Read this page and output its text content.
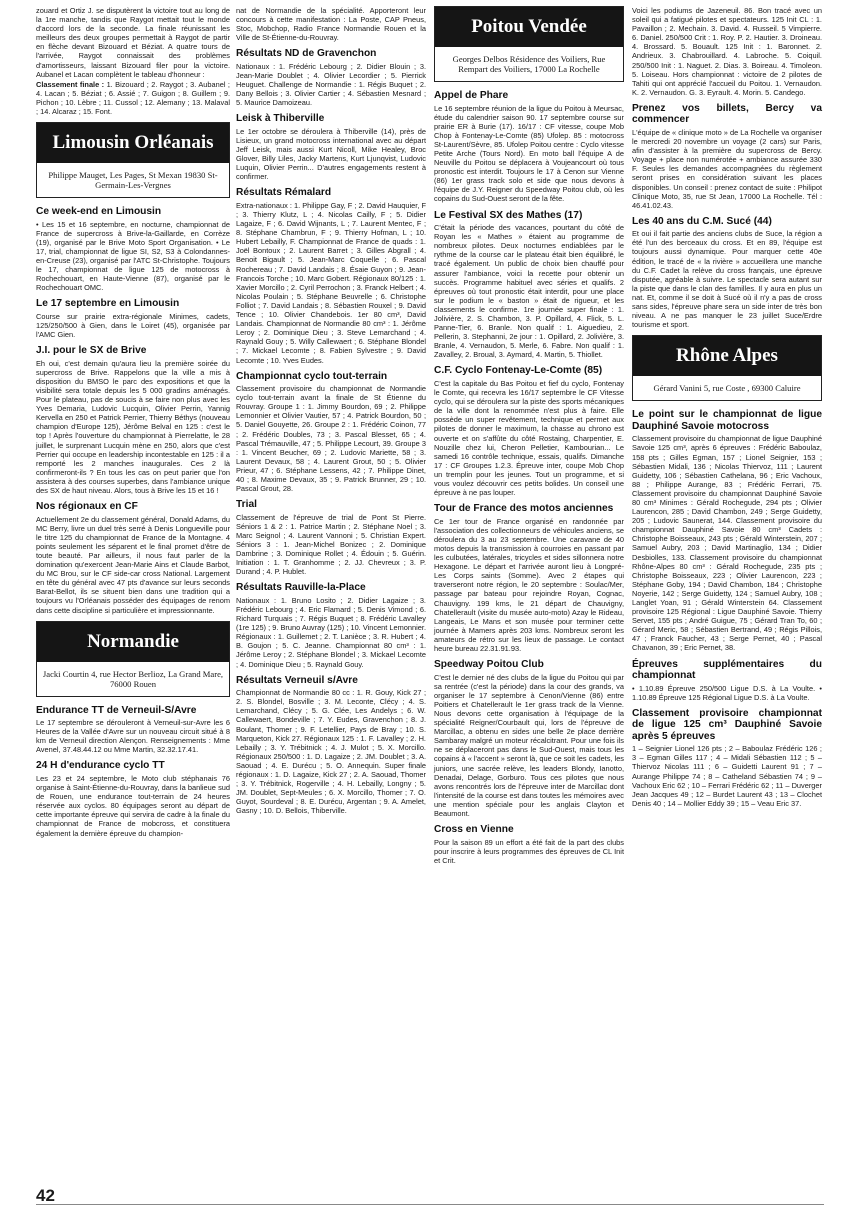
zouard et Ortiz J. se disputèrent la victoire tout au long de la 1re manche, tandis que Raygot mettait tout le monde d'accord lors de la seconde. La finale réunissant les meilleurs des deux groupes permettait à Raygot de partir en flèche devant Bizouard et Béziat. A quatre tours de l'arrivée, Raygot connaissait des problèmes d'amortisseurs, laissant Bizouard filer pour la victoire. Aubanel et Lacan complètent le tableau d'honneur :

Classement finale : 1. Bizouard ; 2. Raygot ; 3. Aubanel ; 4. Lacan ; 5. Béziat ; 6. Assié ; 7. Guigon ; 8. Guillem ; 9. Pichon ; 10. Lèbre ; 11. Cussol ; 12. Alemany ; 13. Malaval ; 14. Alcaraz ; 15. Font.

Limousin Orléanais
Philippe Mauget, Les Pages, St Mexan 19830 St-Germain-Les-Vergnes
Ce week-end en Limousin

• Les 15 et 16 septembre, en nocturne, championnat de France de supercross à Brive-la-Gaillarde, en Corrèze (19), organisé par le Brive Moto Sport Organisation. • Le 17, trial, championnat de ligue SI, S2, S3 à Colondannes-en-Creuse (23), organisé par l'ATC St-Christophe. Toujours le 17, championnat de ligue 125 de motocross à Rochechouart, en Haute-Vienne (87), organisé par le Rochechouart OMC.

Le 17 septembre en Limousin

Course sur prairie extra-régionale Minimes, cadets, 125/250/500 à Gien, dans le Loiret (45), organisée par l'AMC Gien.

J.I. pour le SX de Brive

Eh oui, c'est demain qu'aura lieu la première soirée du supercross de Brive. Rappelons que la ville a mis à disposition du BMSO le parc des expositions et que la visibilité sera totale depuis les 5 000 gradins aménagés. Pour le plateau, pas de soucis à se faire non plus avec les Yves Demaria, Ludovic Lucquin, Olivier Perrin, Yannig Kervella en 250 et Patrick Perrier, Thierry Béthys (nouveau champion d'Europe 125), Jérôme Belval en 125 : c'est le top ! Après l'ouverture du championnat à Pierrelatte, le 28 juillet, le surprenant Lucquin mène en 250, alors que c'est Perrier qui occupe en leadership incontestable en 125 : il a remporté les 2 manches inaugurales. Ces 2 là confirmeront-ils ? En tous les cas on peut parier que l'on assistera à des courses superbes, dans l'ambiance unique des SX de haut niveau. Alors, tous à Brive les 15 et 16 !

Nos régionaux en CF

Actuellement 2e du classement général, Donald Adams, du MC Berry, livre un duel très serré à Denis Longueville pour le titre 125 du championnat de France de la Montagne. 4 points seulement les séparent et le final promet d'être de toute beauté. Par ailleurs, il nous faut parler de la domination qu'exercent Jean-Marie Ains et Claude Barbot, du MC Brou, sur le CF side-car cross National. Largement en tête du général avec 47 pts d'avance sur leurs seconds Barat-Bellot, ils se situent bien dans une tradition qui a toujours vu l'Orléanais posséder des équipages de renom dans cette discipline si particulière et impressionnante.

Normandie
Jacki Courtin 4, rue Hector Berlioz, La Grand Mare, 76000 Rouen
Endurance TT de Verneuil-S/Avre

Le 17 septembre se dérouleront à Verneuil-sur-Avre les 6 Heures de la Vallée d'Avre sur un nouveau circuit situé à 8 km de Verneuil direction Alençon. Renseignements : Mme Avenel, 37.48.44.12 ou Mme Martin, 32.32.17.41.

24 H d'endurance cyclo TT

Les 23 et 24 septembre, le Moto club stéphanais 76 organise à Saint-Étienne-du-Rouvray, dans la banlieue sud de Rouen, une endurance tout-terrain de 24 heures réservée aux cyclos. 80 équipages seront au départ de cette importante épreuve qui servira de cadre à la finale du championnat de France de mobcross, et constituera également la dernière épreuve du champion-

nat de Normandie de la spécialité. Apporteront leur concours à cette manifestation : La Poste, CAP Pneus, Stoc, Mobchop, Radio France Normandie Rouen et la Ville de St-Étienne-du-Rouvray.

Résultats ND de Gravenchon

Nationaux : 1. Frédéric Lebourg ; 2. Didier Blouin ; 3. Jean-Marie Doublet ; 4. Olivier Lecordier ; 5. Pierrick Heuguet. Challenge de Normandie : 1. Régis Buquet ; 2. Dany Bellois ; 3. Olivier Cartier ; 4. Sébastien Mesnard ; 5. Maurice Damoizeau.

Leisk à Thiberville

Le 1er octobre se déroulera à Thiberville (14), près de Lisieux, un grand motocross international avec au départ Jeff Leisk, mais aussi Kurt Nicoll, Mike Healey, Broc Glover, Billy Liles, Jacky Martens, Kurt Ljunqvist, Ludovic Luquin, Olivier Perrin... D'autres engagements restent à confirmer.

Résultats Rémalard

Extra-nationaux : 1. Philippe Gay, F ; 2. David Hauquier, F ; 3. Thierry Klutz, L ; 4. Nicolas Cailly, F ; 5. Didier Lagaize, F ; 6. David Wijnants, L ; 7. Laurent Mentec, F ; 8. Stéphane Chambrun, F ; 9. Thierry Hofman, L ; 10. Hubert Lebailly, F. Championnat de France de quads : 1. Joël Bontoux ; 2. Laurent Barret ; 3. Gilles Abgrall ; 4. Benoit Bigault ; 5. Jean-Marc Coquelle ; 6. Pascal Rochereau ; 7. David Landais ; 8. Ésaie Guyon ; 9. Jean-Francois Torche ; 10. Marc Gobert. Régionaux 80/125 : 1. Xavier Morcillo ; 2. Cyril Perrochon ; 3. Franck Helbert ; 4. Nicolas Poulain ; 5. Stéphane Beuvrelle ; 6. Christophe Folliot ; 7. David Landais ; 8. Sébastien Rouxel ; 9. David Tence ; 10. Olivier Chandebois. 1er 80 cm³, David Landais. Championnat de Normandie 80 cm³ : 1. Jérôme Leroy ; 2. Dominique Dieu ; 3. Steve Lemarchand ; 4. Raynald Gouy ; 5. Willy Callewaert ; 6. Stéphane Blondel ; 7. Mickael Lecomte ; 8. Fabien Sylvestre ; 9. David Lecomte ; 10. Yves Eudes.

Championnat cyclo tout-terrain

Classement provisoire du championnat de Normandie cyclo tout-terrain avant la finale de St Étienne du Rouvray. Groupe 1 : 1. Jimmy Bourdon, 69 ; 2. Philippe Lemonnier et Olivier Vautier, 57 ; 4. Patrick Bourdon, 50 ; 5. Daniel Gouyette, 26. Groupe 2 : 1. Frédéric Coinon, 77 ; 2. Frédéric Doubles, 73 ; 3. Pascal Blesset, 65 ; 4. Pascal Trémauville, 47 ; 5. Philippe Lecourt, 39. Groupe 3 : 1. Vincent Beucher, 69 ; 2. Ludovic Mariette, 58 ; 3. Laurent Devaux, 58 ; 4. Laurent Grout, 50 ; 5. Olivier Prieur, 47 ; 6. Stéphane Lessens, 42 ; 7. Philippe Dinet, 40 ; 8. Maxime Devaux, 35 ; 9. Patrick Brunner, 29 ; 10. Pascal Grout, 28.

Trial

Classement de l'épreuve de trial de Pont St Pierre. Séniors 1 & 2 : 1. Patrice Martin ; 2. Stéphane Noel ; 3. Marc Seignol ; 4. Laurent Vannoni ; 5. Christian Expert. Séniors 3 : 1. Jean-Michel Bonizec ; 2. Dominique Dambrine ; 3. Dominique Rollet ; 4. Édouin ; 5. Guérin. Initiation : 1. T. Granhomme ; 2. JJ. Chevreux ; 3. P. Durand ; 4. P. Hublet.

Résultats Rauville-la-Place

Nationaux : 1. Bruno Losito ; 2. Didier Lagaize ; 3. Frédéric Lebourg ; 4. Eric Flamard ; 5. Denis Vimond ; 6. Richard Turquais ; 7. Régis Buquet ; 8. Frédéric Lavalley (1re 125) ; 9. Bruno Auvray (125) ; 10. Vincent Lemonnier. Régionaux : 1. Guillemet ; 2. T. Lanièce ; 3. R. Hubert ; 4. B. Goujon ; 5. C. Jeanne. Championnat 80 cm³ : 1. Jérôme Leroy ; 2. Stéphane Blondel ; 3. Mickael Lecomte ; 4. Dominique Dieu ; 5. Raynald Gouy.

Résultats Verneuil s/Avre

Championnat de Normandie 80 cc : 1. R. Gouy, Kick 27 ; 2. S. Blondel, Bosville ; 3. M. Leconte, Clécy ; 4. S. Lemarchand, Clécy ; 5. G. Clée, Les Andelys ; 6. W. Callewaert, Bondeville ; 7. Y. Eudes, Gravenchon ; 8. J. Boulant, Thomer ; 9. F. Letellier, Pays de Bray ; 10. S. Marqueton, Kick 27. Régionaux 125 : 1. F. Lavalley ; 2. H. Lebailly ; 3. Y. Trébitnick ; 4. J. Mulot ; 5. X. Morcillo. Régionaux 250/500 : 1. D. Lagaize ; 2. JM. Doublet ; 3. A. Saouad ; 4. E. Durécu ; 5. O. Annequin. Super finale régionaux : 1. D. Lagaize, Kick 27 ; 2. A. Saouad, Thomer ; 3. Y. Trébitnick, Rogerville ; 4. H. Lebailly, Longny ; 5. JM. Doublet, Sept-Meules ; 6. X. Morcillo, Thomer ; 7. O. Guyot, Sourdeval ; 8. E. Durécu, Argentan ; 9. A. Amelet, Gasny ; 10. D. Bellois, Thiberville.

Poitou Vendée
Georges Delbos Résidence des Voiliers, Rue Rempart des Voiliers, 17000 La Rochelle
Appel de Phare

Le 16 septembre réunion de la ligue du Poitou à Meursac, étude du calendrier saison 90. 17 septembre course sur prairie ER à Burie (17). 16/17 : CF vitesse, coupe Mob Chop à Fontenay-Le-Comte (85) Ufolep. 85 : motocross St-Laurent/Sèvre, 85. Ufolep Poitou centre : Cyclo vitesse Petite Arche (Tours Nord). En moto ball l'équipe A de Neuville du Poitou se déplacera à Voujeancourt où tous pronostic est interdit. Toujours le 17 à Cenon sur Vienne (86) 1er grass track solo et side que nous devons à l'équipe de J.Y. Reigner du Speedway Poitou club, où les copains du Sud-Ouest seront de la fête.

Le Festival SX des Mathes (17)

C'était la période des vacances, pourtant du côté de Royan les « Mathes » étaient au programme de nombreux pilotes. Deux nocturnes endiablées par le rythme de la course car le plateau était bien équilibré, le tracé également. Un public de choix bien chauffé pour assurer l'ambiance, voici la recette pour obtenir un succès. Programme habituel avec séries et qualifs. 2 épreuves où tout pronostic était interdit, pour une place sur le podium le « baston » était de rigueur, et les classements le confirme. 1re journée super finale : 1. Jolivière, 2. S. Chambon, 3. P. Opillard, 4. Flick, 5. L. Panne-Tier, 6. Branle. Non qualif : 1. Aiguedieu, 2. Pellerin, 3. Stephanni, 2e jour : 1. Opillard, 2. Jolivière, 3. Branle, 4. Vernaudon, 5. Merle, 6. Fabre. Non qualif : 1. Zavalley, 2. Broual, 3. Aymard, 4. Martin, 5. Thiollet.

C.F. Cyclo Fontenay-Le-Comte (85)

C'est la capitale du Bas Poitou et fief du cyclo, Fontenay le Comte, qui recevra les 16/17 septembre le CF Vitesse cyclo, qui se déroulera sur la piste des sports mécaniques de la ville dont la renommée n'est plus à faire. Elle possède un super revêtement, technique et permet aux pilotes de donner le maximum, la chasse au chrono est ouverte et on s'affûte du côté Rostaing, Charpentier, E. Nouzille chez lui, Cheron Pelletier, Kambourian... Le samedi 16 contrôle technique, essais, qualifs. Dimanche 17 : CF Groupes 1.2.3. Épreuve inter, coupe Mob Chop un tremplin pour les jeunes. Tout un programme, et si vous voulez découvrir ces petits bolides. Un conseil une épreuve à ne pas louper.

Tour de France des motos anciennes

Ce 1er tour de France organisé en randonnée par l'association des collectionneurs de véhicules anciens, se déroulera du 3 au 23 septembre. Une caravane de 40 motos depuis la transmission à courroies en passant par les culbutées, latérales, tricycles et sides sillonnera notre Hexagone. Le départ et l'arrivée auront lieu à Longpré-Les Corps saints (Somme). Avec 2 étapes qui traverseront notre région, le 20 septembre : Soulac/Mer, passage par bateau pour rejoindre Royan, Cognac, Chauvigny. 199 kms, le 21 départ de Chauvigny, Chatellerault (visite du musée auto-moto) Azay le Rideau, Langeais, Le Mans et son musée pour terminer cette journée à Mamers après 203 kms. Nombreux seront les amateurs de rétro sur les lieux de passage. Le contact heure bureau 22.31.91.93.

Speedway Poitou Club

C'est le dernier né des clubs de la ligue du Poitou qui par sa rentrée (c'est la période) dans la cour des grands, va organiser le 17 septembre à Cenon/Vienne (86) entre Poitiers et Chatellerault le 1er grass track de la Vienne. Nous devons cette organisation à l'équipage de la spécialité Reigner/Courbault qui, lors de l'épreuve de Marcillac, a obtenu en sides une belle 2e place derrière Sambaray malgré un moteur récalcitrant. Pour une fois ils ne se déplaceront pas dans le Sud-Ouest, mais tous les copains à « l'accent » seront là, que ce soit les cadets, les juniors, une sacrée relève, les leaders Blondy, Ianotto, Denadai, Delage, Gorburo. Tous ces pilotes que nous avons rencontrés lors de l'épreuve inter de Marcillac dont l'intensité de la course est dans toutes les mémoires avec une mention spéciale pour les anglais Clayton et Beaumont.

Cross en Vienne

Pour la saison 89 un effort a été fait de la part des clubs pour inscrire à leurs programmes des épreuves de CL Init et Crit.

Voici les podiums de Jazeneuil. 86. Bon tracé avec un soleil qui a fatigué pilotes et spectateurs. 125 Init CL : 1. Pavaillon ; 2. Mechain. 3. David. 4. Russeil. 5 Vimpierre. 6. Daniel. 250/500 Crit : 1. Roy. P. 2. Hautier. 3. Droineau. 4. Brossard. 5. Bouault. 125 Init : 1. Baronnet. 2. Andrieux. 3. Chabrouillard. 4. Labroche. 5. Coiquil. 250/500 Init : 1. Naguet. 2. Dias. 3. Boireau. 4. Timoleon. 5. Loiseau. Hors championnat : victoire de 2 pilotes de Tahiti qui ont apprécié l'accueil du Poitou. 1. Vernaudon. K. 2. Vernaudon. G. 3. Eyrault. 4. Morin. 5. Candego.

Prenez vos billets, Bercy va commencer

L'équipe de « clinique moto » de La Rochelle va organiser le mercredi 20 novembre un voyage (2 cars) sur Paris, afin d'assister à la première du supercross de Bercy. Voyage + place non numérotée + ambiance assurée 330 F. Seules les demandes accompagnées du règlement seront prises en considération suivant les places disponibles. Un conseil : prenez contact de suite : Philipot Clinique Moto, 35, rue St Jean, 17000 La Rochelle. Tél : 46.41.02.43.

Les 40 ans du C.M. Sucé (44)

Et oui il fait partie des anciens clubs de Suce, la région a été l'un des berceaux du cross. Et en 89, l'équipe est toujours aussi dynamique. Pour marquer cette 40e édition, le tracé de « la rivière » accueillera une manche du C.F. Cadet la relève du cross français, une épreuve disputée, agréable à suivre. Le spectacle sera autant sur la piste que dans le clan des familles. Il y aura en plus un nat. Et, comme il se doit à Sucé où il n'y a pas de cross sans sides, l'épreuve phare sera un side inter de très bon niveau. A ne pas manquer le 23 juillet Suce/Erdre tourisme et sport.

Rhône Alpes
Gérard Vanini 5, rue Coste , 69300 Caluire
Le point sur le championnat de ligue Dauphiné Savoie motocross

Classement provisoire du championnat de ligue Dauphiné Savoie 125 cm³, après 6 épreuves : Frédéric Baboulaz, 158 pts ; Gilles Egman, 157 ; Lionel Seignier, 153 ; Sébastien Midali, 136 ; Nicolas Thiervoz, 111 ; Laurent Guidetty, 106 ; Sébastien Cathelana, 96 ; Eric Vachoux, 88 ; Philippe Aurange, 83 ; Frédéric Ferrari, 75. Classement provisoire du championnat Dauphiné Savoie 80 cm³ Minimes : Gérald Rochegude, 294 pts ; Olivier Laurencon, 285 ; David Chambon, 249 ; Serge Guidetty, 205 ; Ludovic Saunerat, 144. Classement provisoire du championnat Dauphiné Savoie 80 cm³ Cadets : Christophe Boisseaux, 243 pts ; Gérald Winterstein, 207 ; Samuel Aubry, 203 ; David Martinaglio, 134 ; Didier Desbiolles, 133. Classement provisoire du championnat Rhône-Alpes 80 cm³ : Gérald Rochegude, 235 pts ; Christophe Boisseaux, 223 ; Olivier Laurencon, 223 ; Stéphane Goby, 194 ; David Chambon, 184 ; Christophe Noyerie, 142 ; Serge Guidetty, 124 ; Samuel Aubry, 108 ; Langlet Yoan, 91 ; Gérald Winterstein 64. Classement provisoire 125 Régional : Ligue Dauphiné Savoie. Thierry Servet, 155 pts ; André Guigue, 75 ; Gérard Tran To, 60 ; Gérard Meric, 58 ; Sébastien Bertrand, 49 ; Régis Pillois, 47 ; Franck Faucher, 43 ; Serge Pernet, 40 ; Pascal Chavanon, 39 ; Eric Pernet, 38.

Épreuves supplémentaires du championnat

• 1.10.89 Épreuve 250/500 Ligue D.S. à La Voulte. • 1.10.89 Épreuve 125 Régional Ligue D.S. à La Voulte.

Classement provisoire championnat de ligue 125 cm³ Dauphiné Savoie après 5 épreuves

1 – Seignier Lionel 126 pts ; 2 – Baboulaz Frédéric 126 ; 3 – Egman Gilles 117 ; 4 – Midali Sébastien 112 ; 5 – Thiervoz Nicolas 111 ; 6 – Guidetti Laurent 91 ; 7 – Aurange Philippe 74 ; 8 – Catheland Sébastien 74 ; 9 – Vachoux Eric 62 ; 10 – Ferrari Frédéric 62 ; 11 – Duverger Jean Jacques 49 ; 12 – Burdet Laurent 43 ; 13 – Clochet Denis 40 ; 14 – Mollier Eddy 39 ; 15 – Veau Eric 37.

42
